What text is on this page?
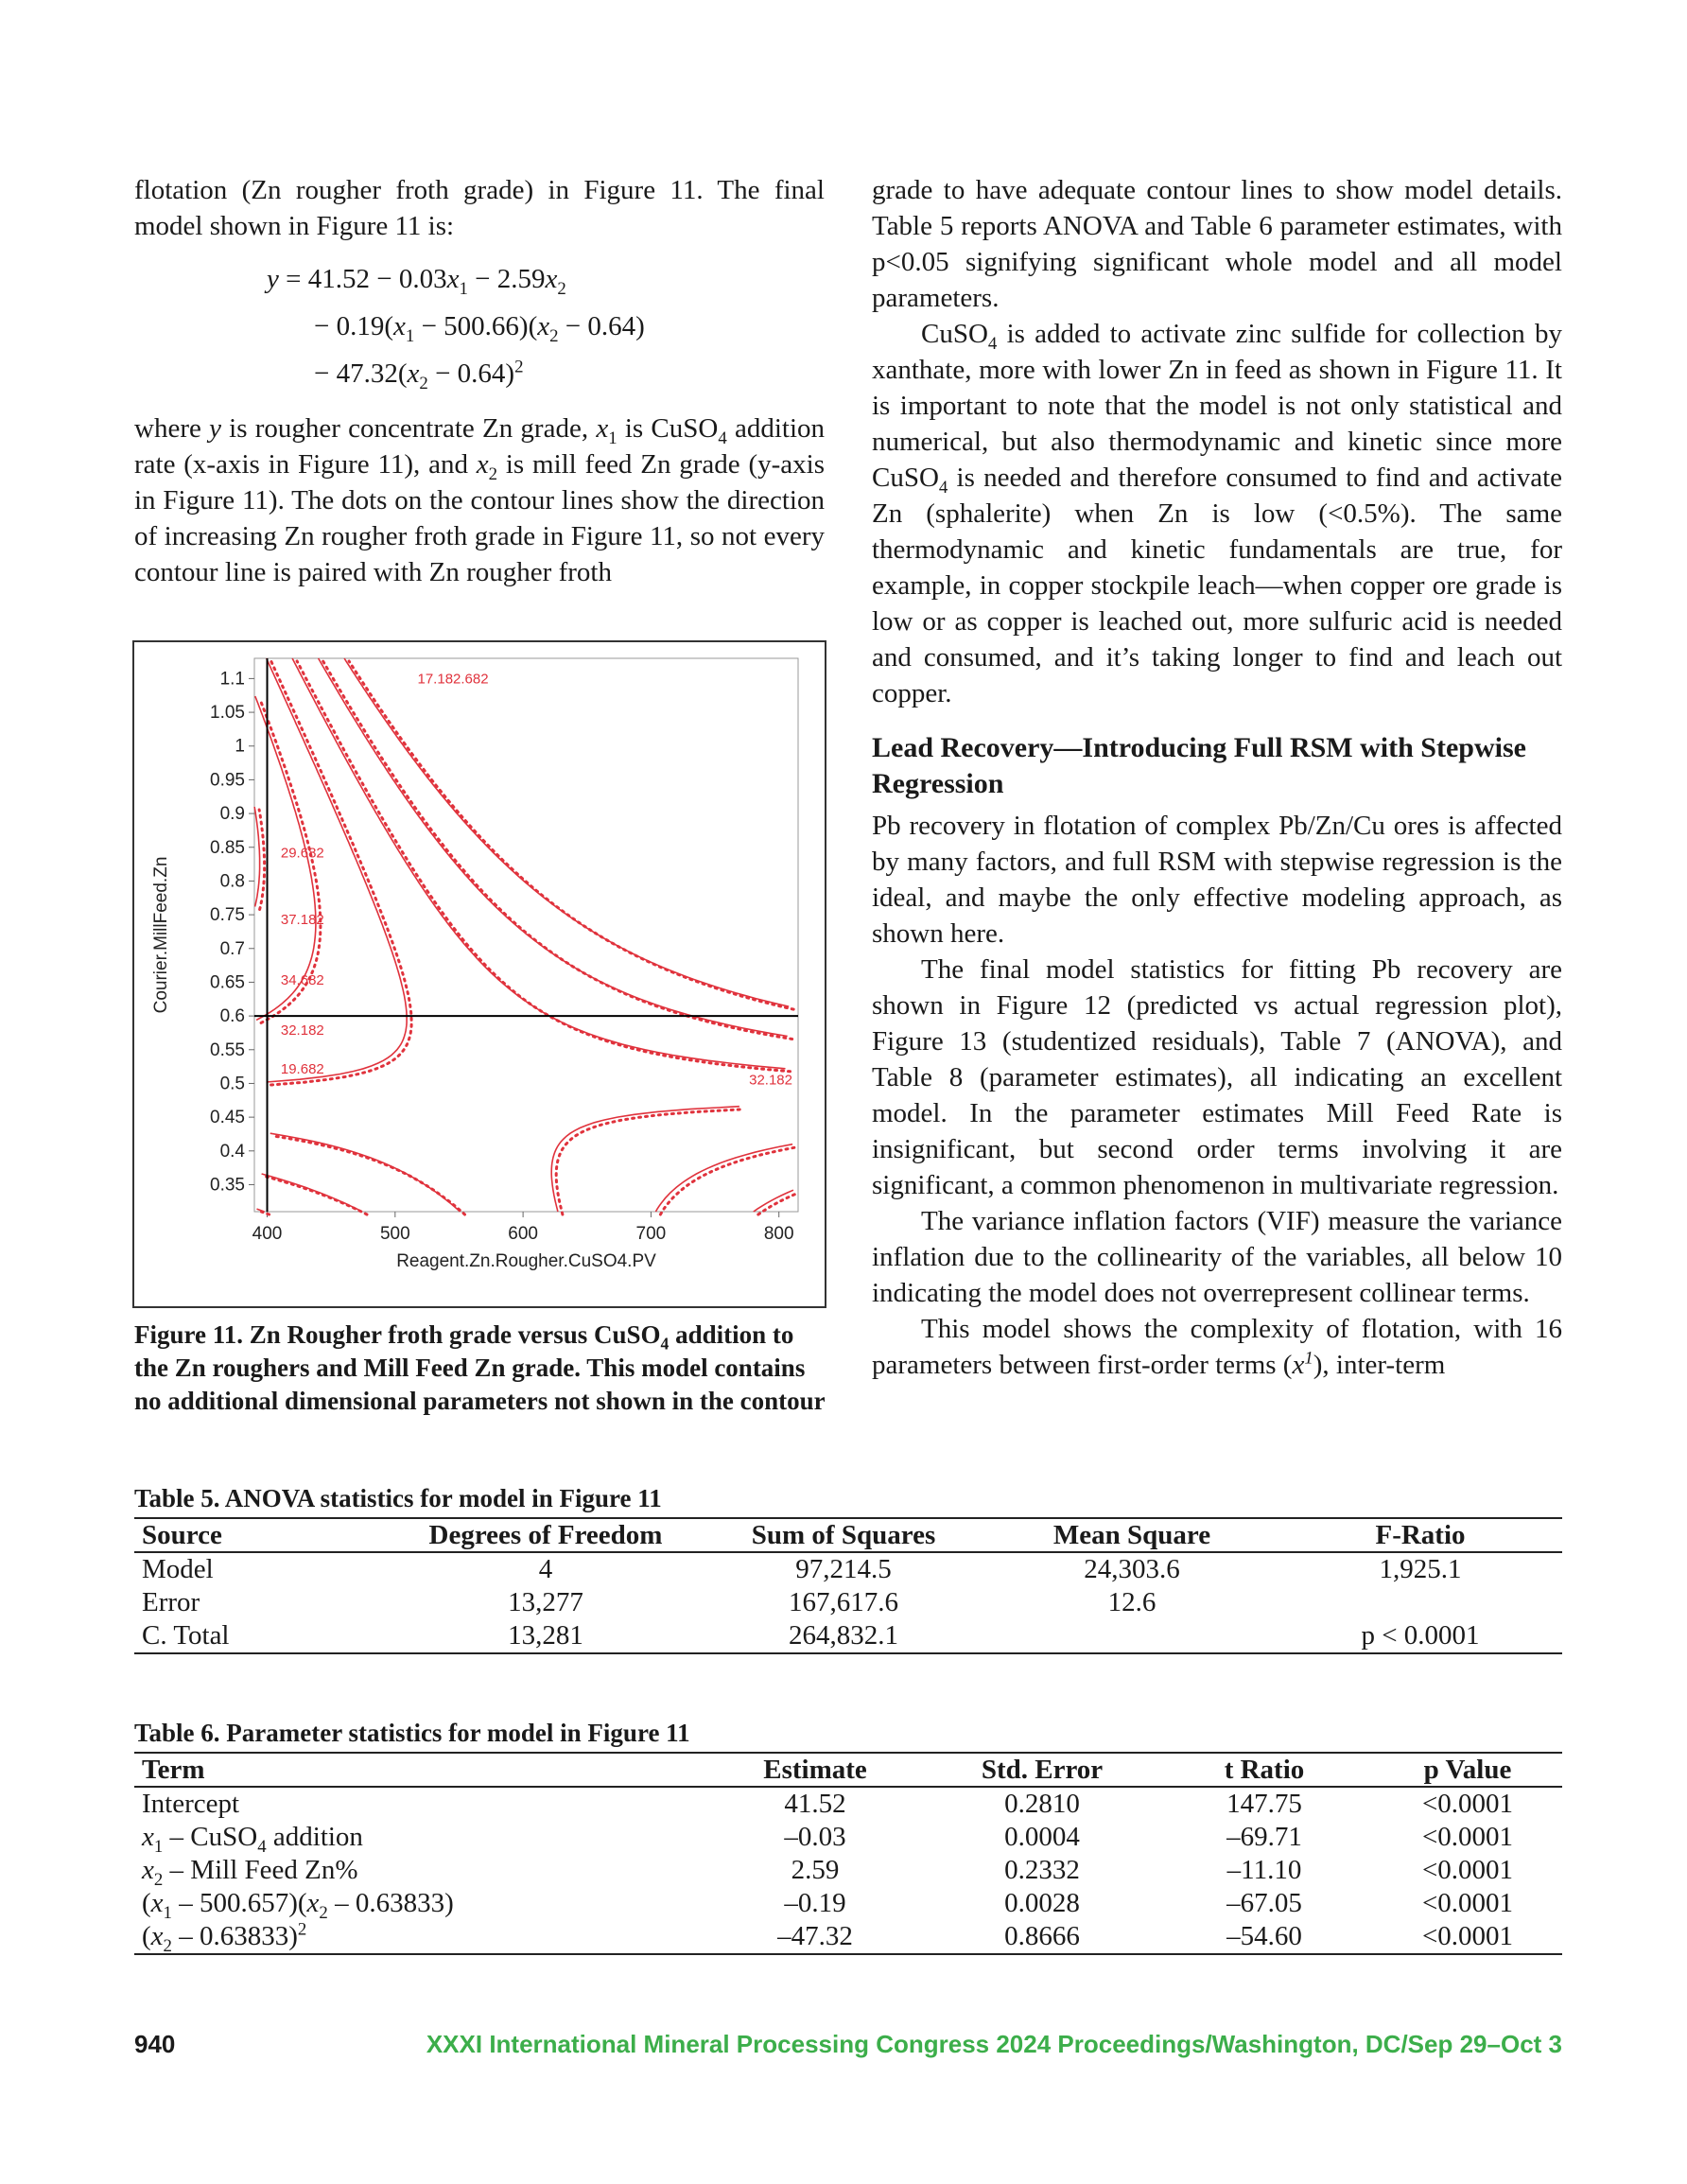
flotation (Zn rougher froth grade) in Figure 11. The final model shown in Figure 11 is:

$y = 41.52 - 0.03x_1 - 2.59x_2$
− $0.19(x_1 - 500.66)(x_2 - 0.64)$
− $47.32(x_2 - 0.64)^2$

where y is rougher concentrate Zn grade, $x_1$ is CuSO$_4$ addition rate (x-axis in Figure 11), and $x_2$ is mill feed Zn grade (y-axis in Figure 11). The dots on the contour lines show the direction of increasing Zn rougher froth grade in Figure 11, so not every contour line is paired with Zn rougher froth

1.1
1.05
1
0.95
0.9
0.85
0.8
0.75
0.7
0.65
0.6
0.55
0.5
0.45
0.4
0.35
400	500	600	700	800
Reagent.Zn.Rougher.CuSO4.PV
Courier.MillFeed.Zn
17.182.682
29.682
37.182
34.682
32.182
19.682
32.182
Figure 11. Zn Rougher froth grade versus CuSO$_4$ addition to the Zn roughers and Mill Feed Zn grade. This model contains no additional dimensional parameters not shown in the contour

grade to have adequate contour lines to show model details. Table 5 reports ANOVA and Table 6 parameter estimates, with p<0.05 signifying significant whole model and all model parameters.

CuSO$_4$ is added to activate zinc sulfide for collection by xanthate, more with lower Zn in feed as shown in Figure 11. It is important to note that the model is not only statistical and numerical, but also thermodynamic and kinetic since more CuSO$_4$ is needed and therefore consumed to find and activate Zn (sphalerite) when Zn is low (<0.5%). The same thermodynamic and kinetic fundamentals are true, for example, in copper stockpile leach—when copper ore grade is low or as copper is leached out, more sulfuric acid is needed and consumed, and it’s taking longer to find and leach out copper.

Lead Recovery—Introducing Full RSM with Stepwise Regression

Pb recovery in flotation of complex Pb/Zn/Cu ores is affected by many factors, and full RSM with stepwise regression is the ideal, and maybe the only effective modeling approach, as shown here.

The final model statistics for fitting Pb recovery are shown in Figure 12 (predicted vs actual regression plot), Figure 13 (studentized residuals), Table 7 (ANOVA), and Table 8 (parameter estimates), all indicating an excellent model. In the parameter estimates Mill Feed Rate is insignificant, but second order terms involving it are significant, a common phenomenon in multivariate regression.

The variance inflation factors (VIF) measure the variance inflation due to the collinearity of the variables, all below 10 indicating the model does not overrepresent collinear terms.

This model shows the complexity of flotation, with 16 parameters between first-order terms $(x^1)$, inter-term

Table 5. ANOVA statistics for model in Figure 11
Source	Degrees of Freedom	Sum of Squares	Mean Square	F-Ratio
Model	4	97,214.5	24,303.6	1,925.1
Error	13,277	167,617.6	12.6	
C. Total	13,281	264,832.1		p < 0.0001
Table 6. Parameter statistics for model in Figure 11
Term	Estimate	Std. Error	t Ratio	p Value
Intercept	41.52	0.2810	147.75	<0.0001
$x_1$ – CuSO$_4$ addition	–0.03	0.0004	–69.71	<0.0001
$x_2$ – Mill Feed Zn%	2.59	0.2332	–11.10	<0.0001
$(x_1 - 500.657)(x_2 - 0.63833)$	–0.19	0.0028	–67.05	<0.0001
$(x_2 - 0.63833)^2$	–47.32	0.8666	–54.60	<0.0001
940	XXXI International Mineral Processing Congress 2024 Proceedings/Washington, DC/Sep 29–Oct 3
